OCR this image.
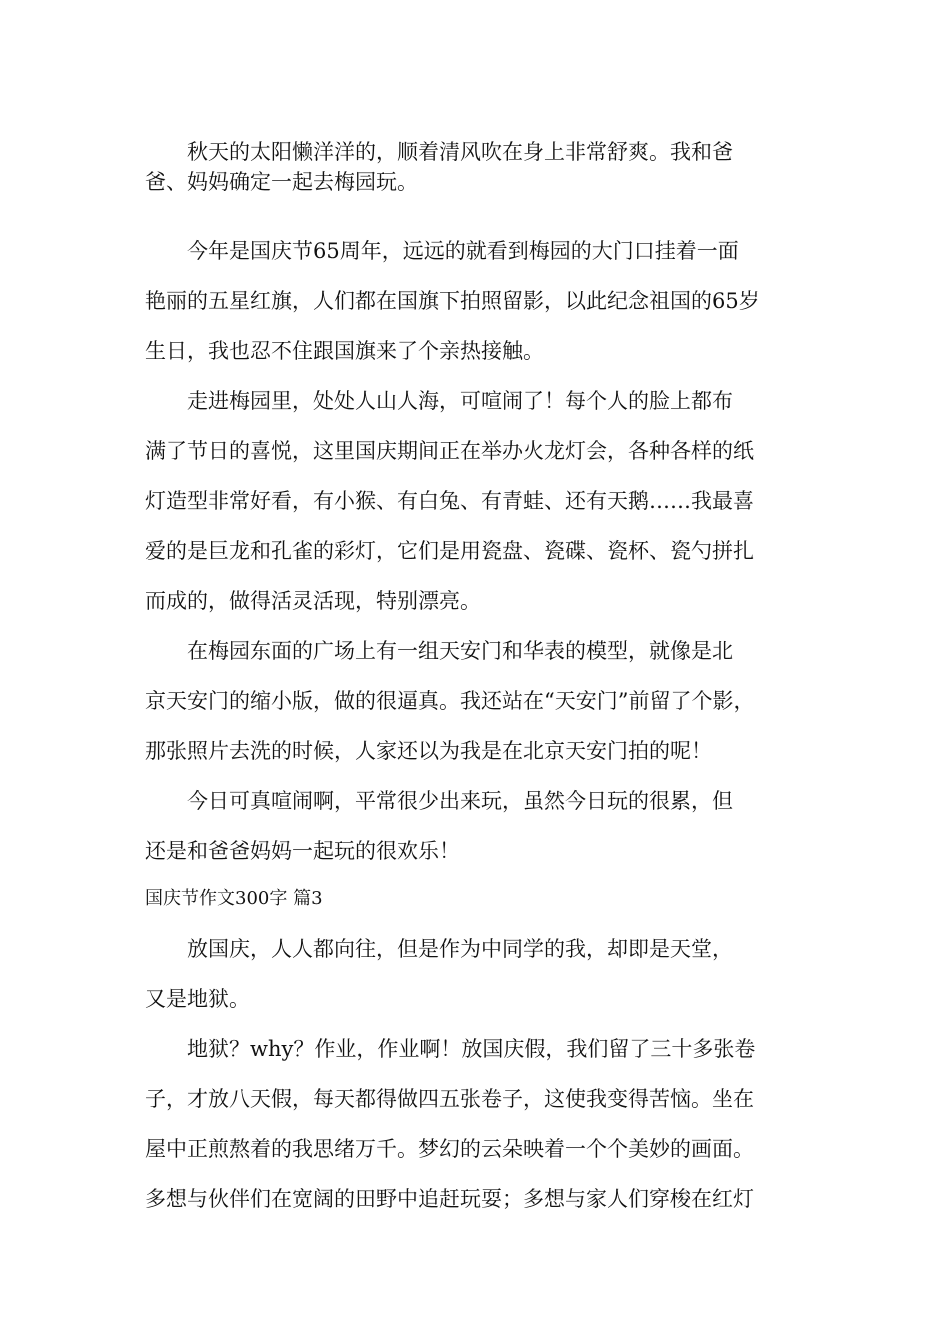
　　秋天的太阳懒洋洋的，顺着清风吹在身上非常舒爽。我和爸
爸、妈妈确定一起去梅园玩。
　　今年是国庆节65周年，远远的就看到梅园的大门口挂着一面
艳丽的五星红旗，人们都在国旗下拍照留影，以此纪念祖国的65岁
生日，我也忍不住跟国旗来了个亲热接触。
　　走进梅园里，处处人山人海，可喧闹了！每个人的脸上都布
满了节日的喜悦，这里国庆期间正在举办火龙灯会，各种各样的纸
灯造型非常好看，有小猴、有白兔、有青蛙、还有天鹅……我最喜
爱的是巨龙和孔雀的彩灯，它们是用瓷盘、瓷碟、瓷杯、瓷勺拼扎
而成的，做得活灵活现，特别漂亮。
　　在梅园东面的广场上有一组天安门和华表的模型，就像是北
京天安门的缩小版，做的很逼真。我还站在“天安门”前留了个影，
那张照片去洗的时候，人家还以为我是在北京天安门拍的呢！
　　今日可真喧闹啊，平常很少出来玩，虽然今日玩的很累，但
还是和爸爸妈妈一起玩的很欢乐！
国庆节作文300字 篇3
　　放国庆，人人都向往，但是作为中同学的我，却即是天堂，
又是地狱。
　　地狱？why？作业，作业啊！放国庆假，我们留了三十多张卷
子，才放八天假，每天都得做四五张卷子，这使我变得苦恼。坐在
屋中正煎熬着的我思绪万千。梦幻的云朵映着一个个美妙的画面。
多想与伙伴们在宽阔的田野中追赶玩耍；多想与家人们穿梭在红灯
